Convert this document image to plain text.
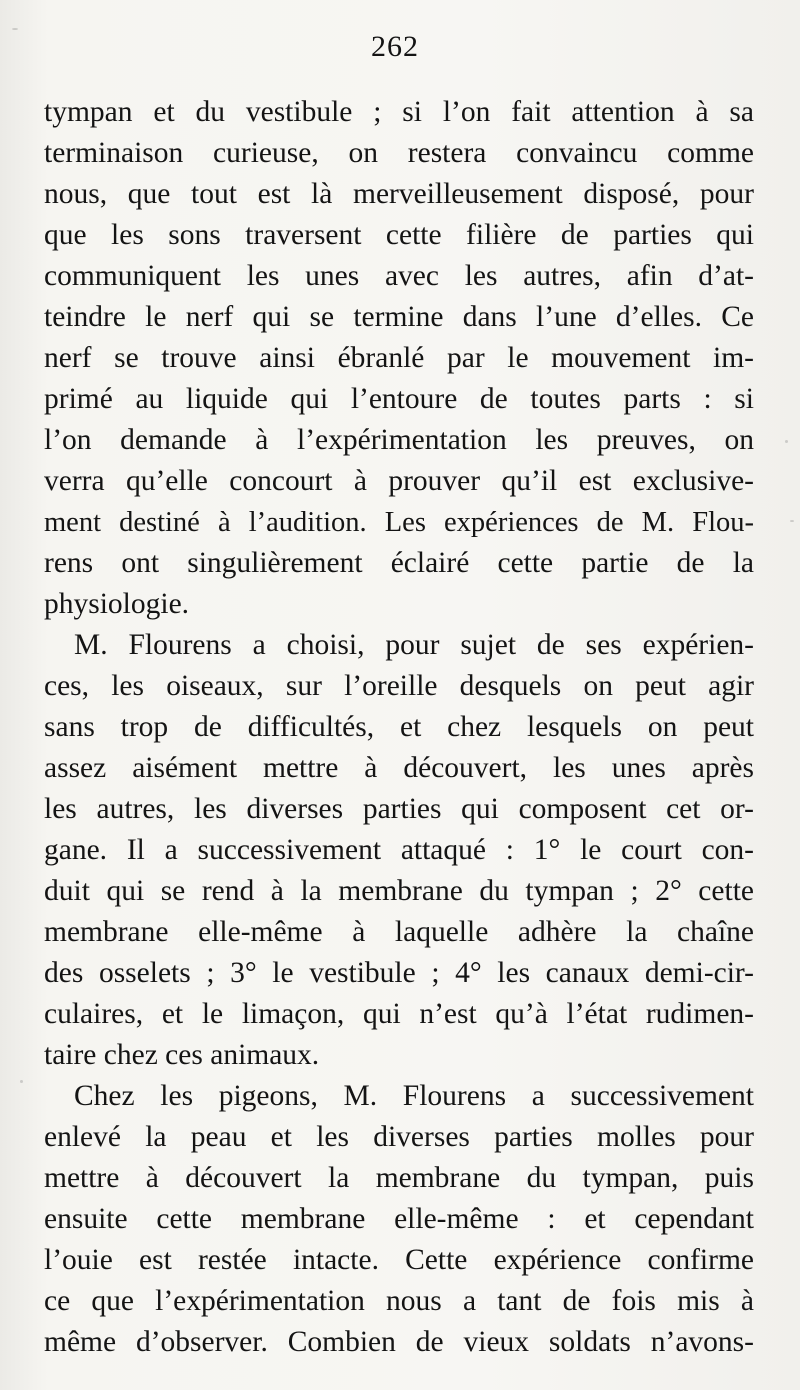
262
tympan et du vestibule ; si l’on fait attention à sa
terminaison curieuse, on restera convaincu comme
nous, que tout est là merveilleusement disposé, pour
que les sons traversent cette filière de parties qui
communiquent les unes avec les autres, afin d’at-
teindre le nerf qui se termine dans l’une d’elles. Ce
nerf se trouve ainsi ébranlé par le mouvement im-
primé au liquide qui l’entoure de toutes parts : si
l’on demande à l’expérimentation les preuves, on
verra qu’elle concourt à prouver qu’il est exclusive-
ment destiné à l’audition. Les expériences de M. Flou-
rens ont singulièrement éclairé cette partie de la
physiologie.
M. Flourens a choisi, pour sujet de ses expérien-
ces, les oiseaux, sur l’oreille desquels on peut agir
sans trop de difficultés, et chez lesquels on peut
assez aisément mettre à découvert, les unes après
les autres, les diverses parties qui composent cet or-
gane. Il a successivement attaqué : 1° le court con-
duit qui se rend à la membrane du tympan ; 2° cette
membrane elle-même à laquelle adhère la chaîne
des osselets ; 3° le vestibule ; 4° les canaux demi-cir-
culaires, et le limaçon, qui n’est qu’à l’état rudimen-
taire chez ces animaux.
Chez les pigeons, M. Flourens a successivement
enlevé la peau et les diverses parties molles pour
mettre à découvert la membrane du tympan, puis
ensuite cette membrane elle-même : et cependant
l’ouie est restée intacte. Cette expérience confirme
ce que l’expérimentation nous a tant de fois mis à
même d’observer. Combien de vieux soldats n’avons-
